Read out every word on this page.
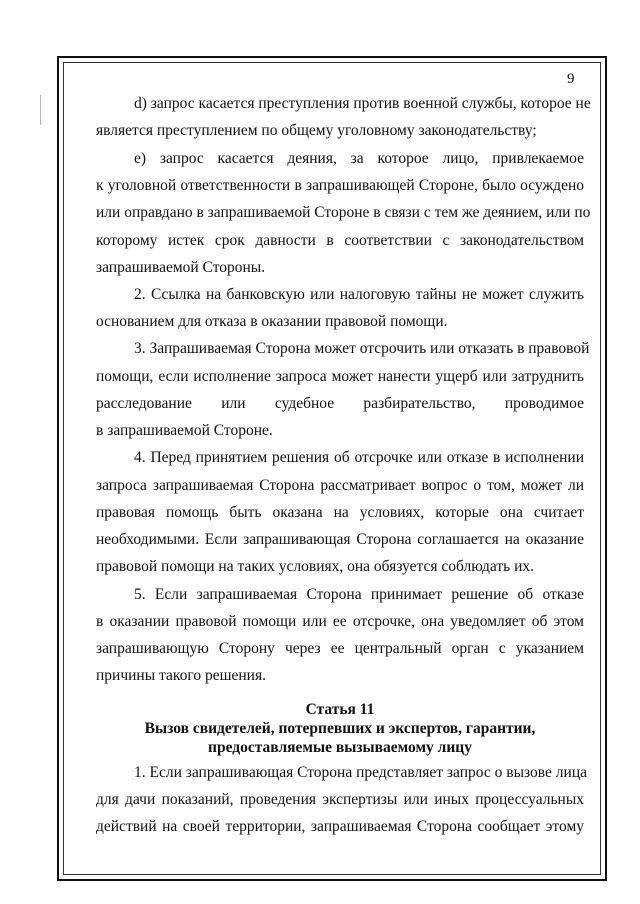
9
d) запрос касается преступления против военной службы, которое не
является преступлением по общему уголовному законодательству;
e) запрос касается деяния, за которое лицо, привлекаемое
к уголовной ответственности в запрашивающей Стороне, было осуждено
или оправдано в запрашиваемой Стороне в связи с тем же деянием, или по
которому истек срок давности в соответствии с законодательством
запрашиваемой Стороны.
2. Ссылка на банковскую или налоговую тайны не может служить
основанием для отказа в оказании правовой помощи.
3. Запрашиваемая Сторона может отсрочить или отказать в правовой
помощи, если исполнение запроса может нанести ущерб или затруднить
расследование или судебное разбирательство, проводимое
в запрашиваемой Стороне.
4. Перед принятием решения об отсрочке или отказе в исполнении
запроса запрашиваемая Сторона рассматривает вопрос о том, может ли
правовая помощь быть оказана на условиях, которые она считает
необходимыми. Если запрашивающая Сторона соглашается на оказание
правовой помощи на таких условиях, она обязуется соблюдать их.
5. Если запрашиваемая Сторона принимает решение об отказе
в оказании правовой помощи или ее отсрочке, она уведомляет об этом
запрашивающую Сторону через ее центральный орган с указанием
причины такого решения.
Статья 11
Вызов свидетелей, потерпевших и экспертов, гарантии,
предоставляемые вызываемому лицу
1. Если запрашивающая Сторона представляет запрос о вызове лица
для дачи показаний, проведения экспертизы или иных процессуальных
действий на своей территории, запрашиваемая Сторона сообщает этому
